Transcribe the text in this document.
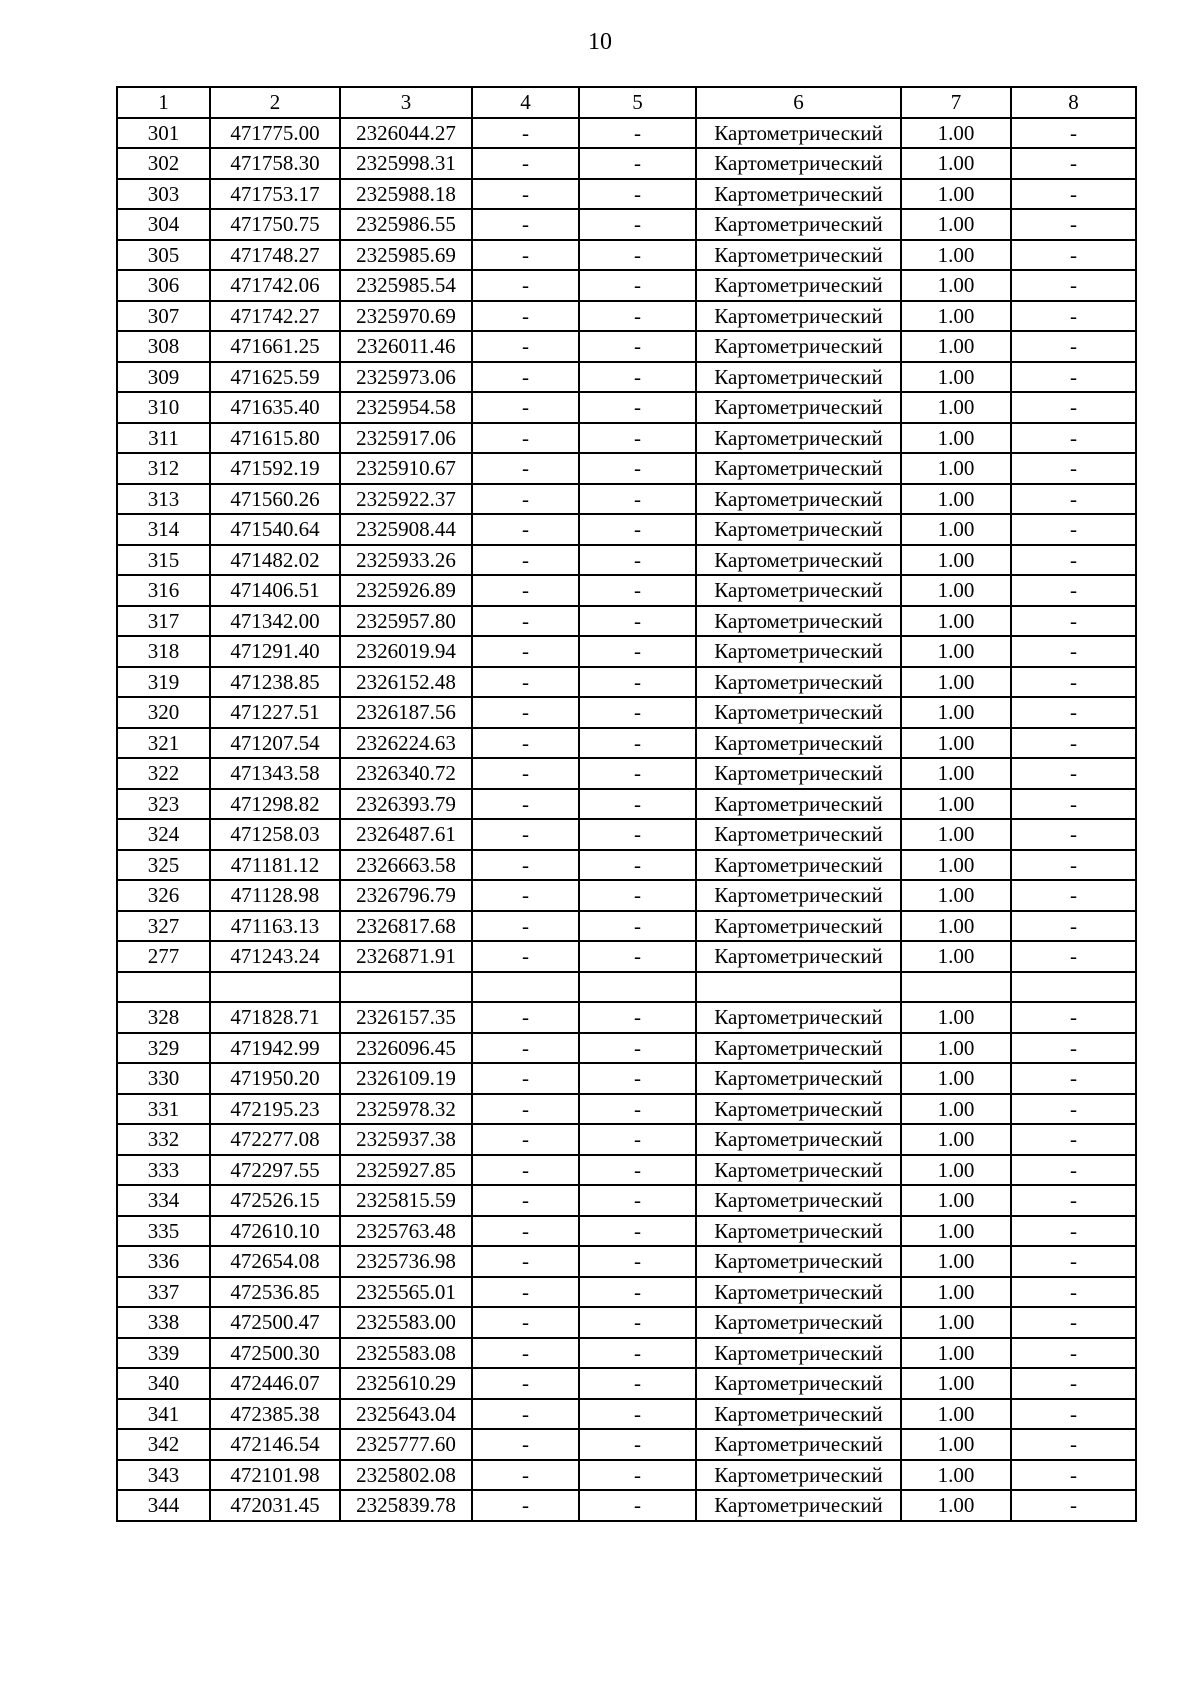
10
1	2	3	4	5	6	7	8
301	471775.00	2326044.27	-	-	Картометрический	1.00	-
302	471758.30	2325998.31	-	-	Картометрический	1.00	-
303	471753.17	2325988.18	-	-	Картометрический	1.00	-
304	471750.75	2325986.55	-	-	Картометрический	1.00	-
305	471748.27	2325985.69	-	-	Картометрический	1.00	-
306	471742.06	2325985.54	-	-	Картометрический	1.00	-
307	471742.27	2325970.69	-	-	Картометрический	1.00	-
308	471661.25	2326011.46	-	-	Картометрический	1.00	-
309	471625.59	2325973.06	-	-	Картометрический	1.00	-
310	471635.40	2325954.58	-	-	Картометрический	1.00	-
311	471615.80	2325917.06	-	-	Картометрический	1.00	-
312	471592.19	2325910.67	-	-	Картометрический	1.00	-
313	471560.26	2325922.37	-	-	Картометрический	1.00	-
314	471540.64	2325908.44	-	-	Картометрический	1.00	-
315	471482.02	2325933.26	-	-	Картометрический	1.00	-
316	471406.51	2325926.89	-	-	Картометрический	1.00	-
317	471342.00	2325957.80	-	-	Картометрический	1.00	-
318	471291.40	2326019.94	-	-	Картометрический	1.00	-
319	471238.85	2326152.48	-	-	Картометрический	1.00	-
320	471227.51	2326187.56	-	-	Картометрический	1.00	-
321	471207.54	2326224.63	-	-	Картометрический	1.00	-
322	471343.58	2326340.72	-	-	Картометрический	1.00	-
323	471298.82	2326393.79	-	-	Картометрический	1.00	-
324	471258.03	2326487.61	-	-	Картометрический	1.00	-
325	471181.12	2326663.58	-	-	Картометрический	1.00	-
326	471128.98	2326796.79	-	-	Картометрический	1.00	-
327	471163.13	2326817.68	-	-	Картометрический	1.00	-
277	471243.24	2326871.91	-	-	Картометрический	1.00	-

328	471828.71	2326157.35	-	-	Картометрический	1.00	-
329	471942.99	2326096.45	-	-	Картометрический	1.00	-
330	471950.20	2326109.19	-	-	Картометрический	1.00	-
331	472195.23	2325978.32	-	-	Картометрический	1.00	-
332	472277.08	2325937.38	-	-	Картометрический	1.00	-
333	472297.55	2325927.85	-	-	Картометрический	1.00	-
334	472526.15	2325815.59	-	-	Картометрический	1.00	-
335	472610.10	2325763.48	-	-	Картометрический	1.00	-
336	472654.08	2325736.98	-	-	Картометрический	1.00	-
337	472536.85	2325565.01	-	-	Картометрический	1.00	-
338	472500.47	2325583.00	-	-	Картометрический	1.00	-
339	472500.30	2325583.08	-	-	Картометрический	1.00	-
340	472446.07	2325610.29	-	-	Картометрический	1.00	-
341	472385.38	2325643.04	-	-	Картометрический	1.00	-
342	472146.54	2325777.60	-	-	Картометрический	1.00	-
343	472101.98	2325802.08	-	-	Картометрический	1.00	-
344	472031.45	2325839.78	-	-	Картометрический	1.00	-
